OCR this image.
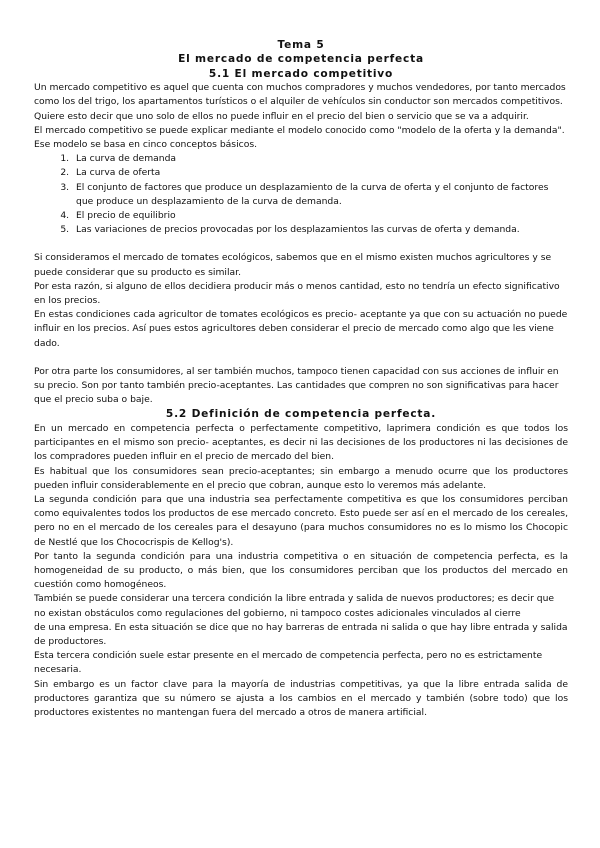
Tema 5
El mercado de competencia perfecta
5.1 El mercado competitivo

Un mercado competitivo es aquel que cuenta con muchos compradores y muchos vendedores, por tanto mercados como los del trigo, los apartamentos turísticos o el alquiler de vehículos sin conductor son mercados competitivos.

Quiere esto decir que uno solo de ellos no puede influir en el precio del bien o servicio que se va a adquirir.

El mercado competitivo se puede explicar mediante el modelo conocido como "modelo de la oferta y la demanda".

Ese modelo se basa en cinco conceptos básicos.

1. La curva de demanda
2. La curva de oferta
3. El conjunto de factores que produce un desplazamiento de la curva de oferta y el conjunto de factores que produce un desplazamiento de la curva de demanda.
4. El precio de equilibrio
5. Las variaciones de precios provocadas por los desplazamientos las curvas de oferta y demanda.

Si consideramos el mercado de tomates ecológicos, sabemos que en el mismo existen muchos agricultores y se puede considerar que su producto es similar.

Por esta razón, si alguno de ellos decidiera producir más o menos cantidad, esto no tendría un efecto significativo en los precios.

En estas condiciones cada agricultor de tomates ecológicos es precio- aceptante ya que con su actuación no puede influir en los precios. Así pues estos agricultores deben considerar el precio de mercado como algo que les viene dado.

Por otra parte los consumidores, al ser también muchos, tampoco tienen capacidad con sus acciones de influir en su precio. Son por tanto también precio-aceptantes. Las cantidades que compren no son significativas para hacer que el precio suba o baje.

5.2 Definición de competencia perfecta.

En un mercado en competencia perfecta o perfectamente competitivo, laprimera condición es que todos los participantes en el mismo son precio- aceptantes, es decir ni las decisiones de los productores ni las decisiones de los compradores pueden influir en el precio de mercado del bien.

Es habitual que los consumidores sean precio-aceptantes; sin embargo a menudo ocurre que los productores pueden influir considerablemente en el precio que cobran, aunque esto lo veremos más adelante.

La segunda condición para que una industria sea perfectamente competitiva es que los consumidores perciban como equivalentes todos los productos de ese mercado concreto. Esto puede ser así en el mercado de los cereales, pero no en el mercado de los cereales para el desayuno (para muchos consumidores no es lo mismo los Chocopic de Nestlé que los Chococrispis de Kellog's).

Por tanto la segunda condición para una industria competitiva o en situación de competencia perfecta, es la homogeneidad de su producto, o más bien, que los consumidores perciban que los productos del mercado en cuestión como homogéneos.

También se puede considerar una tercera condición la libre entrada y salida de nuevos productores; es decir que no existan obstáculos como regulaciones del gobierno, ni tampoco costes adicionales vinculados al cierre

de una empresa. En esta situación se dice que no hay barreras de entrada ni salida o que hay libre entrada y salida de productores.

Esta tercera condición suele estar presente en el mercado de competencia perfecta, pero no es estrictamente necesaria.

Sin embargo es un factor clave para la mayoría de industrias competitivas, ya que la libre entrada salida de productores garantiza que su número se ajusta a los cambios en el mercado y también (sobre todo) que los productores existentes no mantengan fuera del mercado a otros de manera artificial.
